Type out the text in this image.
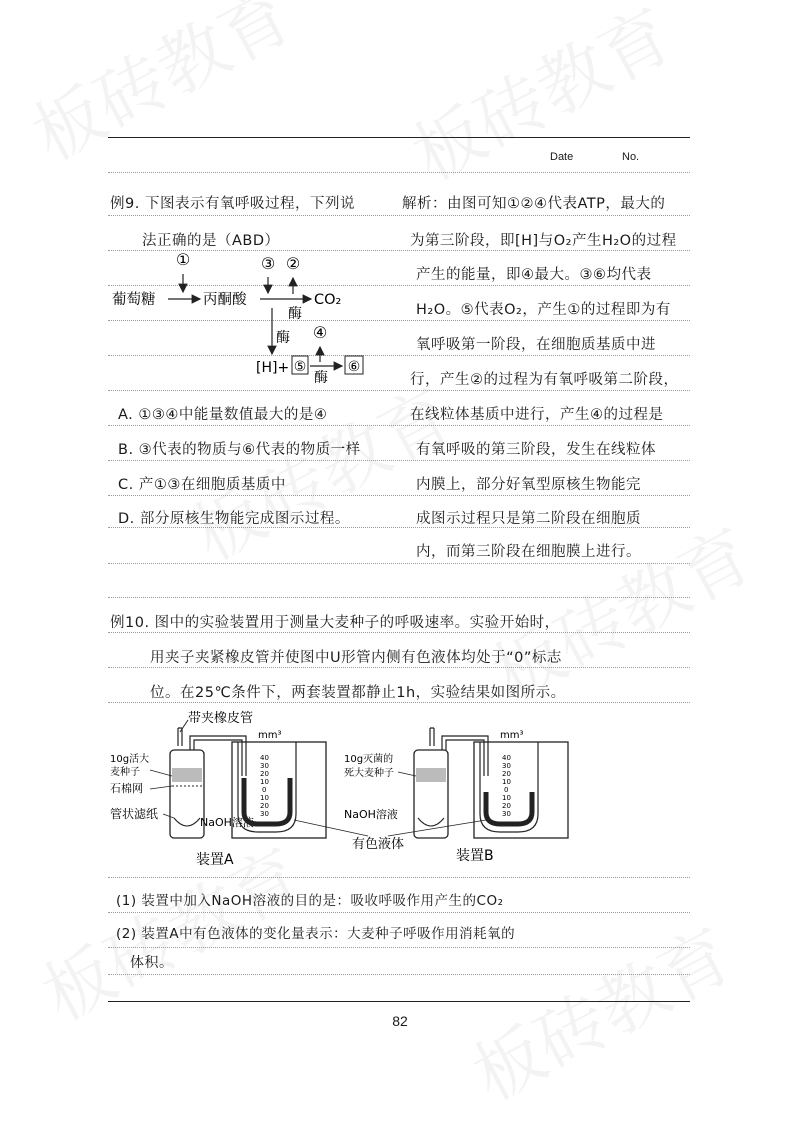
Date	No.
例9. 下图表示有氧呼吸过程，下列说
法正确的是（ABD）
解析：由图可知①②④代表ATP，最大的
为第三阶段，即[H]与O₂产生H₂O的过程
产生的能量，即④最大。③⑥均代表
H₂O。⑤代表O₂，产生①的过程即为有
氧呼吸第一阶段，在细胞质基质中进
行，产生②的过程为有氧呼吸第二阶段，
在线粒体基质中进行，产生④的过程是
有氧呼吸的第三阶段，发生在线粒体
内膜上，部分好氧型原核生物能完
成图示过程只是第二阶段在细胞质
内，而第三阶段在细胞膜上进行。
①
葡萄糖	丙酮酸
③ ②
CO₂
酶
酶 ④
[H]+ ⑤
酶
⑥
A. ①③④中能量数值最大的是④
B. ③代表的物质与⑥代表的物质一样
C. 产①③在细胞质基质中
D. 部分原核生物能完成图示过程。
例10. 图中的实验装置用于测量大麦种子的呼吸速率。实验开始时，
用夹子夹紧橡皮管并使图中U形管内侧有色液体均处于“0”标志
位。在25℃条件下，两套装置都静止1h，实验结果如图所示。
带夹橡皮管
10g活大
麦种子
石棉网
管状滤纸
NaOH溶液
mm³
40
30
20
10
0
10
20
30
10g灭菌的
死大麦种子
NaOH溶液
mm³
40
30
20
10
0
10
20
30
有色液体
装置A	装置B
(1) 装置中加入NaOH溶液的目的是：吸收呼吸作用产生的CO₂
(2) 装置A中有色液体的变化量表示：大麦种子呼吸作用消耗氧的
体积。
82
